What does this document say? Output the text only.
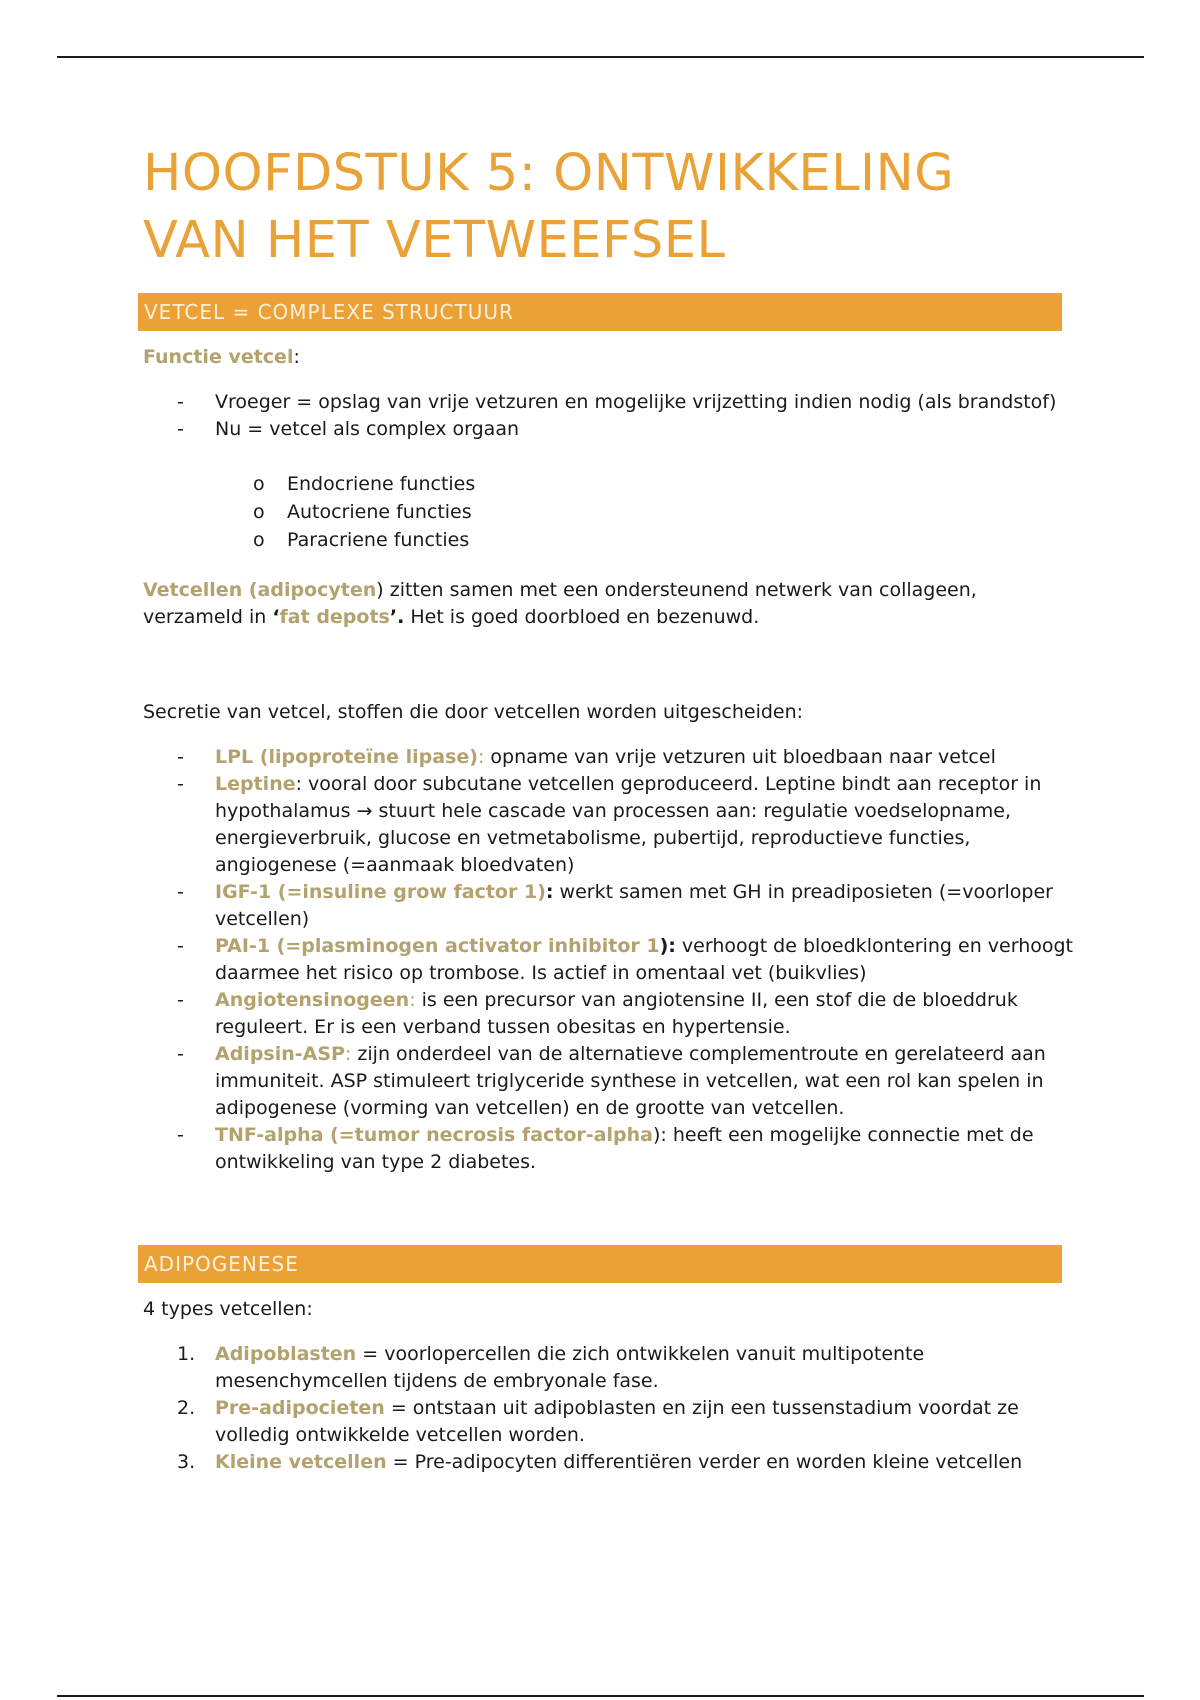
HOOFDSTUK 5: ONTWIKKELING VAN HET VETWEEFSEL
VETCEL = COMPLEXE STRUCTUUR
Functie vetcel:
- Vroeger = opslag van vrije vetzuren en mogelijke vrijzetting indien nodig (als brandstof)
- Nu = vetcel als complex orgaan
o Endocriene functies
o Autocriene functies
o Paracriene functies
Vetcellen (adipocyten) zitten samen met een ondersteunend netwerk van collageen, verzameld in ‘fat depots’. Het is goed doorbloed en bezenuwd.
Secretie van vetcel, stoffen die door vetcellen worden uitgescheiden:
- LPL (lipoproteïne lipase): opname van vrije vetzuren uit bloedbaan naar vetcel
- Leptine: vooral door subcutane vetcellen geproduceerd. Leptine bindt aan receptor in hypothalamus → stuurt hele cascade van processen aan: regulatie voedselopname, energieverbruik, glucose en vetmetabolisme, pubertijd, reproductieve functies, angiogenese (=aanmaak bloedvaten)
- IGF-1 (=insuline grow factor 1): werkt samen met GH in preadiposieten (=voorloper vetcellen)
- PAI-1 (=plasminogen activator inhibitor 1): verhoogt de bloedklontering en verhoogt daarmee het risico op trombose. Is actief in omentaal vet (buikvlies)
- Angiotensinogeen: is een precursor van angiotensine II, een stof die de bloeddruk reguleert. Er is een verband tussen obesitas en hypertensie.
- Adipsin-ASP: zijn onderdeel van de alternatieve complementroute en gerelateerd aan immuniteit. ASP stimuleert triglyceride synthese in vetcellen, wat een rol kan spelen in adipogenese (vorming van vetcellen) en de grootte van vetcellen.
- TNF-alpha (=tumor necrosis factor-alpha): heeft een mogelijke connectie met de ontwikkeling van type 2 diabetes.
ADIPOGENESE
4 types vetcellen:
1. Adipoblasten = voorlopercellen die zich ontwikkelen vanuit multipotente mesenchymcellen tijdens de embryonale fase.
2. Pre-adipocieten = ontstaan uit adipoblasten en zijn een tussenstadium voordat ze volledig ontwikkelde vetcellen worden.
3. Kleine vetcellen = Pre-adipocyten differentiëren verder en worden kleine vetcellen
